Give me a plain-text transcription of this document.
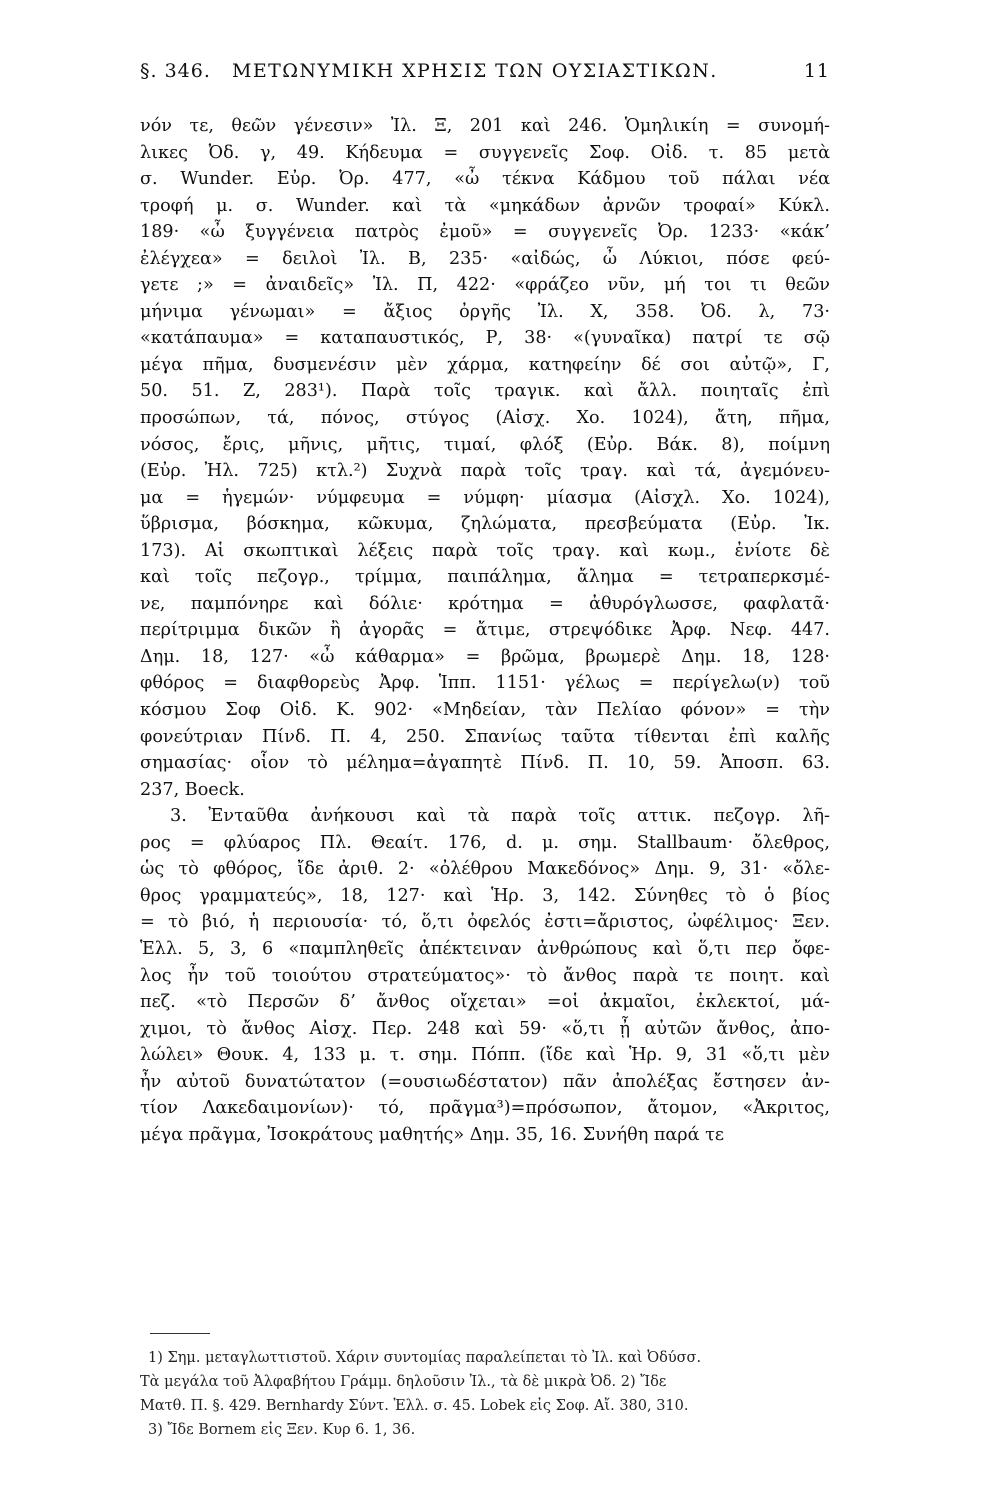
§. 346. ΜΕΤΩΝΥΜΙΚΗ ΧΡΗΣΙΣ ΤΩΝ ΟΥΣΙΑΣΤΙΚΩΝ.	11
νόν τε, θεῶν γένεσιν» Ἰλ. Ξ, 201 καὶ 246. Ὁμηλικίη = συνομή-
λικες Ὀδ. γ, 49. Κήδευμα = συγγενεῖς Σοφ. Οἰδ. τ. 85 μετὰ
σ. Wunder. Εὐρ. Ὀρ. 477, «ὦ τέκνα Κάδμου τοῦ πάλαι νέα
τροφή μ. σ. Wunder. καὶ τὰ «μηκάδων ἀρνῶν τροφαί» Κύκλ.
189· «ὦ ξυγγένεια πατρὸς ἐμοῦ» = συγγενεῖς Ὀρ. 1233· «κάκ’
ἐλέγχεα» = δειλοὶ Ἰλ. Β, 235· «αἰδώς, ὦ Λύκιοι, πόσε φεύ-
γετε ;» = ἀναιδεῖς» Ἰλ. Π, 422· «φράζεο νῦν, μή τοι τι θεῶν
μήνιμα γένωμαι» = ἄξιος ὀργῆς Ἰλ. Χ, 358. Ὀδ. λ, 73·
«κατάπαυμα» = καταπαυστικός, Ρ, 38· «(γυναῖκα) πατρί τε σῷ
μέγα πῆμα, δυσμενέσιν μὲν χάρμα, κατηφείην δέ σοι αὐτῷ», Γ,
50. 51. Ζ, 283¹). Παρὰ τοῖς τραγικ. καὶ ἄλλ. ποιηταῖς ἐπὶ
προσώπων, τά, πόνος, στύγος (Αἰσχ. Χο. 1024), ἄτη, πῆμα,
νόσος, ἔρις, μῆνις, μῆτις, τιμαί, φλόξ (Εὐρ. Βάκ. 8), ποίμνη
(Εὐρ. Ἠλ. 725) κτλ.²) Συχνὰ παρὰ τοῖς τραγ. καὶ τά, ἀγεμόνευ-
μα = ἡγεμών· νύμφευμα = νύμφη· μίασμα (Αἰσχλ. Χο. 1024),
ὕβρισμα, βόσκημα, κῶκυμα, ζηλώματα, πρεσβεύματα (Εὐρ. Ἰκ.
173). Αἱ σκωπτικαὶ λέξεις παρὰ τοῖς τραγ. καὶ κωμ., ἐνίοτε δὲ
καὶ τοῖς πεζογρ., τρίμμα, παιπάλημα, ἄλημα = τετραπερκσμέ-
νε, παμπόνηρε καὶ δόλιε· κρότημα = ἀθυρόγλωσσε, φαφλατᾶ·
περίτριμμα δικῶν ἢ ἀγορᾶς = ἄτιμε, στρεψόδικε Ἀρφ. Νεφ. 447.
Δημ. 18, 127· «ὦ κάθαρμα» = βρῶμα, βρωμερὲ Δημ. 18, 128·
φθόρος = διαφθορεὺς Ἀρφ. Ἱππ. 1151· γέλως = περίγελω(ν) τοῦ
κόσμου Σοφ Οἰδ. Κ. 902· «Μηδείαν, τὰν Πελίαο φόνον» = τὴν
φονεύτριαν Πίνδ. Π. 4, 250. Σπανίως ταῦτα τίθενται ἐπὶ καλῆς
σημασίας· οἷον τὸ μέλημα=ἀγαπητὲ Πίνδ. Π. 10, 59. Ἀποσπ. 63.
237, Boeck.
3. Ἐνταῦθα ἀνήκουσι καὶ τὰ παρὰ τοῖς αττικ. πεζογρ. λῆ-
ρος = φλύαρος Πλ. Θεαίτ. 176, d. μ. σημ. Stallbaum· ὄλεθρος,
ὡς τὸ φθόρος, ἴδε ἀριθ. 2· «ὀλέθρου Μακεδόνος» Δημ. 9, 31· «ὄλε-
θρος γραμματεύς», 18, 127· καὶ Ἡρ. 3, 142. Σύνηθες τὸ ὁ βίος
= τὸ βιό, ἡ περιουσία· τό, ὅ,τι ὀφελός ἐστι=ἄριστος, ὠφέλιμος· Ξεν.
Ἑλλ. 5, 3, 6 «παμπληθεῖς ἀπέκτειναν ἀνθρώπους καὶ ὅ,τι περ ὄφε-
λος ἦν τοῦ τοιούτου στρατεύματος»· τὸ ἄνθος παρὰ τε ποιητ. καὶ
πεζ. «τὸ Περσῶν δ’ ἄνθος οἴχεται» =οἱ ἀκμαῖοι, ἐκλεκτοί, μά-
χιμοι, τὸ ἄνθος Αἰσχ. Περ. 248 καὶ 59· «ὅ,τι ᾖ αὐτῶν ἄνθος, ἀπο-
λώλει» Θουκ. 4, 133 μ. τ. σημ. Πόππ. (ἴδε καὶ Ἡρ. 9, 31 «ὅ,τι μὲν
ἦν αὐτοῦ δυνατώτατον (=ουσιωδέστατον) πᾶν ἀπολέξας ἔστησεν ἀν-
τίον Λακεδαιμονίων)· τό, πρᾶγμα³)=πρόσωπον, ἄτομον, «Ἀκριτος,
μέγα πρᾶγμα, Ἰσοκράτους μαθητής» Δημ. 35, 16. Συνήθη παρά τε
1) Σημ. μεταγλωττιστοῦ. Χάριν συντομίας παραλείπεται τὸ Ἰλ. καὶ Ὀδύσσ.
Τὰ μεγάλα τοῦ Ἀλφαβήτου Γράμμ. δηλοῦσιν Ἰλ., τὰ δὲ μικρὰ Ὀδ. 2) Ἴδε
Ματθ. Π. §. 429. Bernhardy Σύντ. Ἑλλ. σ. 45. Lobek εἰς Σοφ. Αἴ. 380, 310.
3) Ἴδε Bornem εἰς Ξεν. Κυρ 6. 1, 36.
